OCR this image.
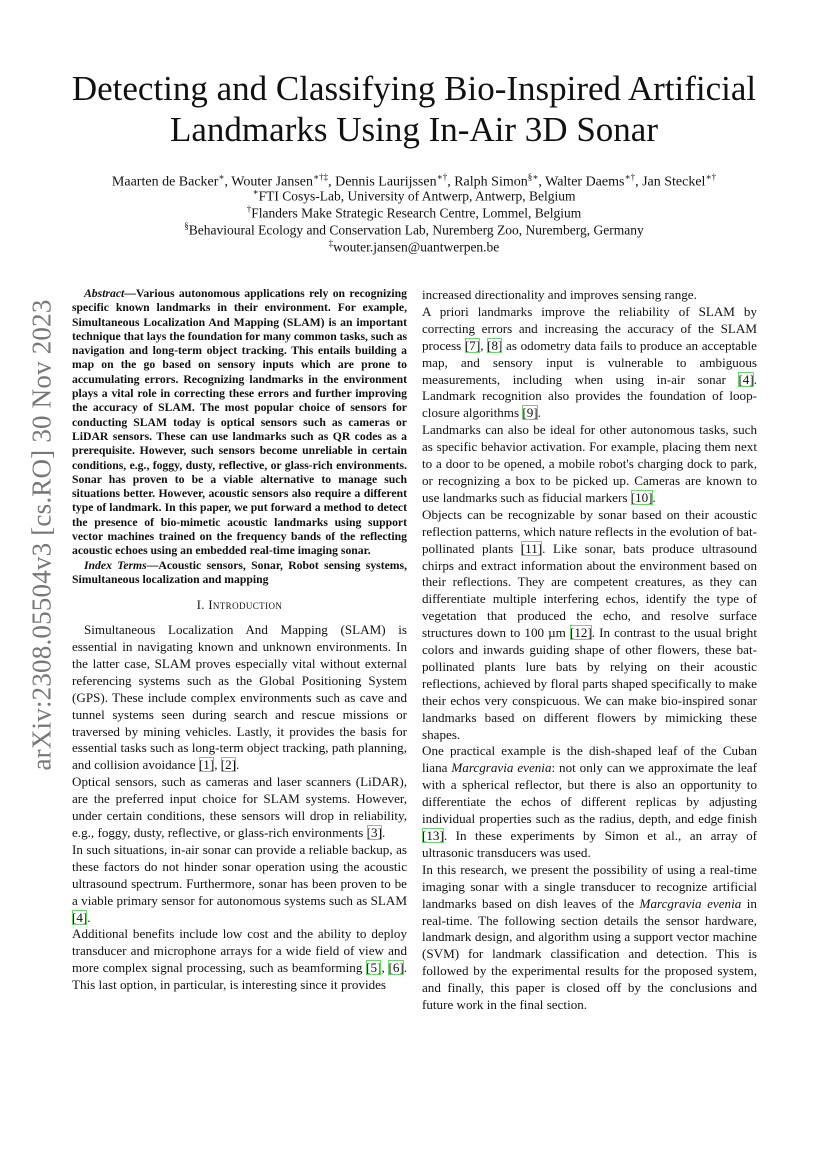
arXiv:2308.05504v3 [cs.RO] 30 Nov 2023
Detecting and Classifying Bio-Inspired Artificial Landmarks Using In-Air 3D Sonar
Maarten de Backer∗, Wouter Jansen∗†‡, Dennis Laurijssen∗†, Ralph Simon§∗, Walter Daems∗†, Jan Steckel∗†
∗FTI Cosys-Lab, University of Antwerp, Antwerp, Belgium
†Flanders Make Strategic Research Centre, Lommel, Belgium
§Behavioural Ecology and Conservation Lab, Nuremberg Zoo, Nuremberg, Germany
‡wouter.jansen@uantwerpen.be

Abstract—Various autonomous applications rely on recognizing specific known landmarks in their environment. For example, Simultaneous Localization And Mapping (SLAM) is an important technique that lays the foundation for many common tasks, such as navigation and long-term object tracking. This entails building a map on the go based on sensory inputs which are prone to accumulating errors. Recognizing landmarks in the environment plays a vital role in correcting these errors and further improving the accuracy of SLAM. The most popular choice of sensors for conducting SLAM today is optical sensors such as cameras or LiDAR sensors. These can use landmarks such as QR codes as a prerequisite. However, such sensors become unreliable in certain conditions, e.g., foggy, dusty, reflective, or glass-rich environments. Sonar has proven to be a viable alternative to manage such situations better. However, acoustic sensors also require a different type of landmark. In this paper, we put forward a method to detect the presence of bio-mimetic acoustic landmarks using support vector machines trained on the frequency bands of the reflecting acoustic echoes using an embedded real-time imaging sonar.

Index Terms—Acoustic sensors, Sonar, Robot sensing systems, Simultaneous localization and mapping

I. Introduction

Simultaneous Localization And Mapping (SLAM) is essential in navigating known and unknown environments. In the latter case, SLAM proves especially vital without external referencing systems such as the Global Positioning System (GPS). These include complex environments such as cave and tunnel systems seen during search and rescue missions or traversed by mining vehicles. Lastly, it provides the basis for essential tasks such as long-term object tracking, path planning, and collision avoidance [1], [2].

Optical sensors, such as cameras and laser scanners (LiDAR), are the preferred input choice for SLAM systems. However, under certain conditions, these sensors will drop in reliability, e.g., foggy, dusty, reflective, or glass-rich environments [3].

In such situations, in-air sonar can provide a reliable backup, as these factors do not hinder sonar operation using the acoustic ultrasound spectrum. Furthermore, sonar has been proven to be a viable primary sensor for autonomous systems such as SLAM [4].

Additional benefits include low cost and the ability to deploy transducer and microphone arrays for a wide field of view and more complex signal processing, such as beamforming [5], [6]. This last option, in particular, is interesting since it provides

increased directionality and improves sensing range.

A priori landmarks improve the reliability of SLAM by correcting errors and increasing the accuracy of the SLAM process [7], [8] as odometry data fails to produce an acceptable map, and sensory input is vulnerable to ambiguous measurements, including when using in-air sonar [4]. Landmark recognition also provides the foundation of loop-closure algorithms [9].

Landmarks can also be ideal for other autonomous tasks, such as specific behavior activation. For example, placing them next to a door to be opened, a mobile robot's charging dock to park, or recognizing a box to be picked up. Cameras are known to use landmarks such as fiducial markers [10].

Objects can be recognizable by sonar based on their acoustic reflection patterns, which nature reflects in the evolution of bat-pollinated plants [11]. Like sonar, bats produce ultrasound chirps and extract information about the environment based on their reflections. They are competent creatures, as they can differentiate multiple interfering echos, identify the type of vegetation that produced the echo, and resolve surface structures down to 100 µm [12]. In contrast to the usual bright colors and inwards guiding shape of other flowers, these bat-pollinated plants lure bats by relying on their acoustic reflections, achieved by floral parts shaped specifically to make their echos very conspicuous. We can make bio-inspired sonar landmarks based on different flowers by mimicking these shapes.

One practical example is the dish-shaped leaf of the Cuban liana Marcgravia evenia: not only can we approximate the leaf with a spherical reflector, but there is also an opportunity to differentiate the echos of different replicas by adjusting individual properties such as the radius, depth, and edge finish [13]. In these experiments by Simon et al., an array of ultrasonic transducers was used.

In this research, we present the possibility of using a real-time imaging sonar with a single transducer to recognize artificial landmarks based on dish leaves of the Marcgravia evenia in real-time. The following section details the sensor hardware, landmark design, and algorithm using a support vector machine (SVM) for landmark classification and detection. This is followed by the experimental results for the proposed system, and finally, this paper is closed off by the conclusions and future work in the final section.
